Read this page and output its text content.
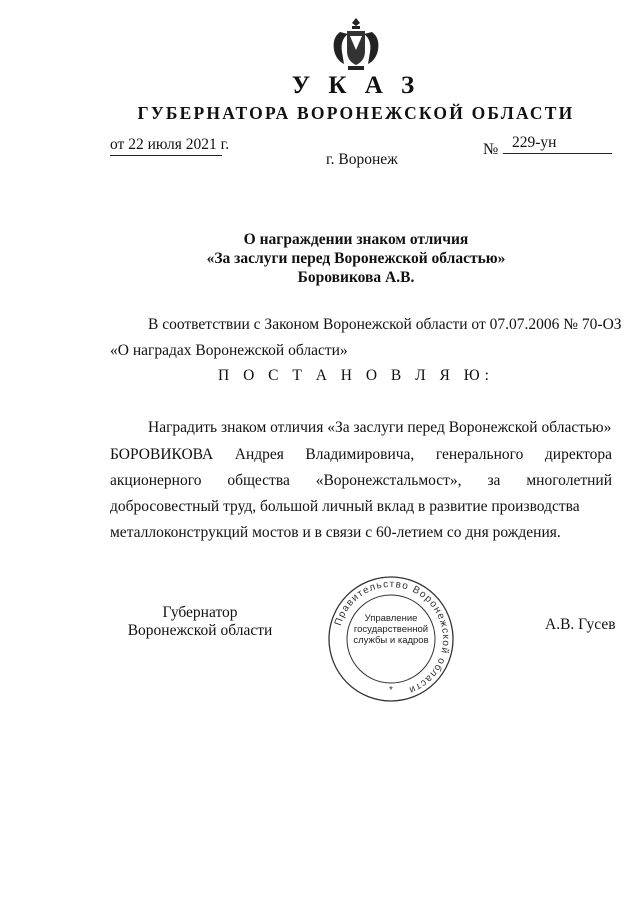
У К А З
ГУБЕРНАТОРА ВОРОНЕЖСКОЙ ОБЛАСТИ
от 22 июля 2021 г.	№ 229-ун
г. Воронеж
О награждении знаком отличия
«За заслуги перед Воронежской областью»
Боровикова А.В.
В соответствии с Законом Воронежской области от 07.07.2006 № 70-ОЗ
«О наградах Воронежской области»
П О С Т А Н О В Л Я Ю:
Наградить знаком отличия «За заслуги перед Воронежской областью»
БОРОВИКОВА Андрея Владимировича, генерального директора
акционерного общества «Воронежстальмост», за многолетний
добросовестный труд, большой личный вклад в развитие производства
металлоконструкций мостов и в связи с 60-летием со дня рождения.
Губернатор
Воронежской области	А.В. Гусев
Правительство Воронежской области
*
Управление
государственной
службы и кадров
